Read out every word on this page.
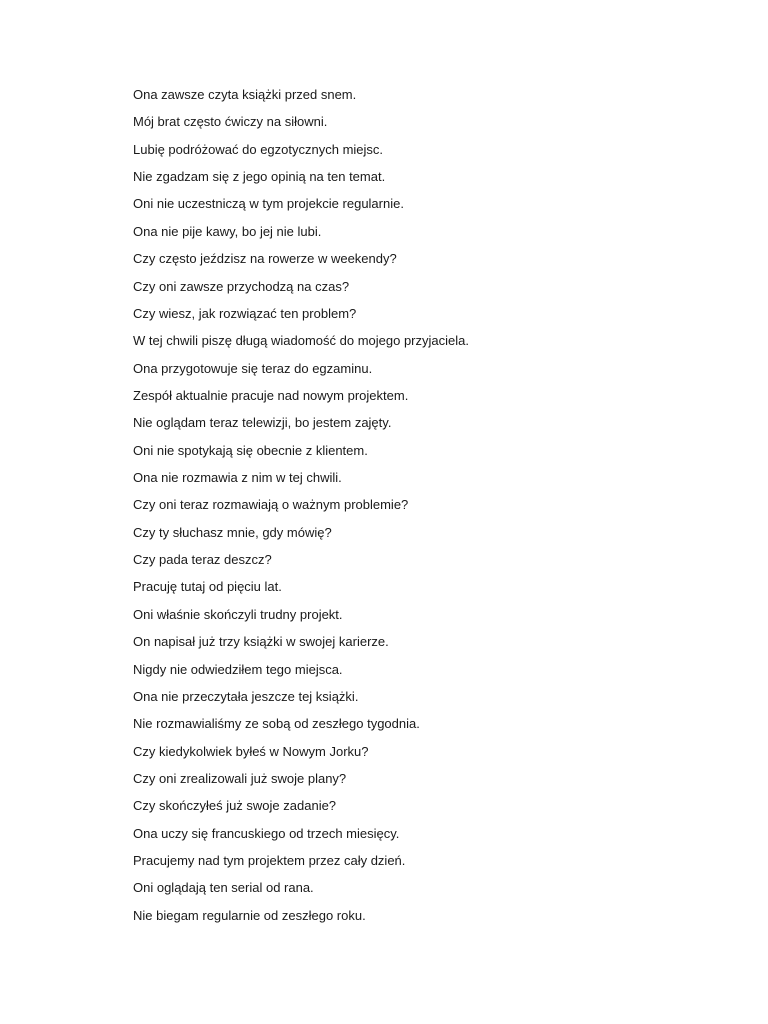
Ona zawsze czyta książki przed snem.
Mój brat często ćwiczy na siłowni.
Lubię podróżować do egzotycznych miejsc.
Nie zgadzam się z jego opinią na ten temat.
Oni nie uczestniczą w tym projekcie regularnie.
Ona nie pije kawy, bo jej nie lubi.
Czy często jeździsz na rowerze w weekendy?
Czy oni zawsze przychodzą na czas?
Czy wiesz, jak rozwiązać ten problem?
W tej chwili piszę długą wiadomość do mojego przyjaciela.
Ona przygotowuje się teraz do egzaminu.
Zespół aktualnie pracuje nad nowym projektem.
Nie oglądam teraz telewizji, bo jestem zajęty.
Oni nie spotykają się obecnie z klientem.
Ona nie rozmawia z nim w tej chwili.
Czy oni teraz rozmawiają o ważnym problemie?
Czy ty słuchasz mnie, gdy mówię?
Czy pada teraz deszcz?
Pracuję tutaj od pięciu lat.
Oni właśnie skończyli trudny projekt.
On napisał już trzy książki w swojej karierze.
Nigdy nie odwiedziłem tego miejsca.
Ona nie przeczytała jeszcze tej książki.
Nie rozmawialiśmy ze sobą od zeszłego tygodnia.
Czy kiedykolwiek byłeś w Nowym Jorku?
Czy oni zrealizowali już swoje plany?
Czy skończyłeś już swoje zadanie?
Ona uczy się francuskiego od trzech miesięcy.
Pracujemy nad tym projektem przez cały dzień.
Oni oglądają ten serial od rana.
Nie biegam regularnie od zeszłego roku.
